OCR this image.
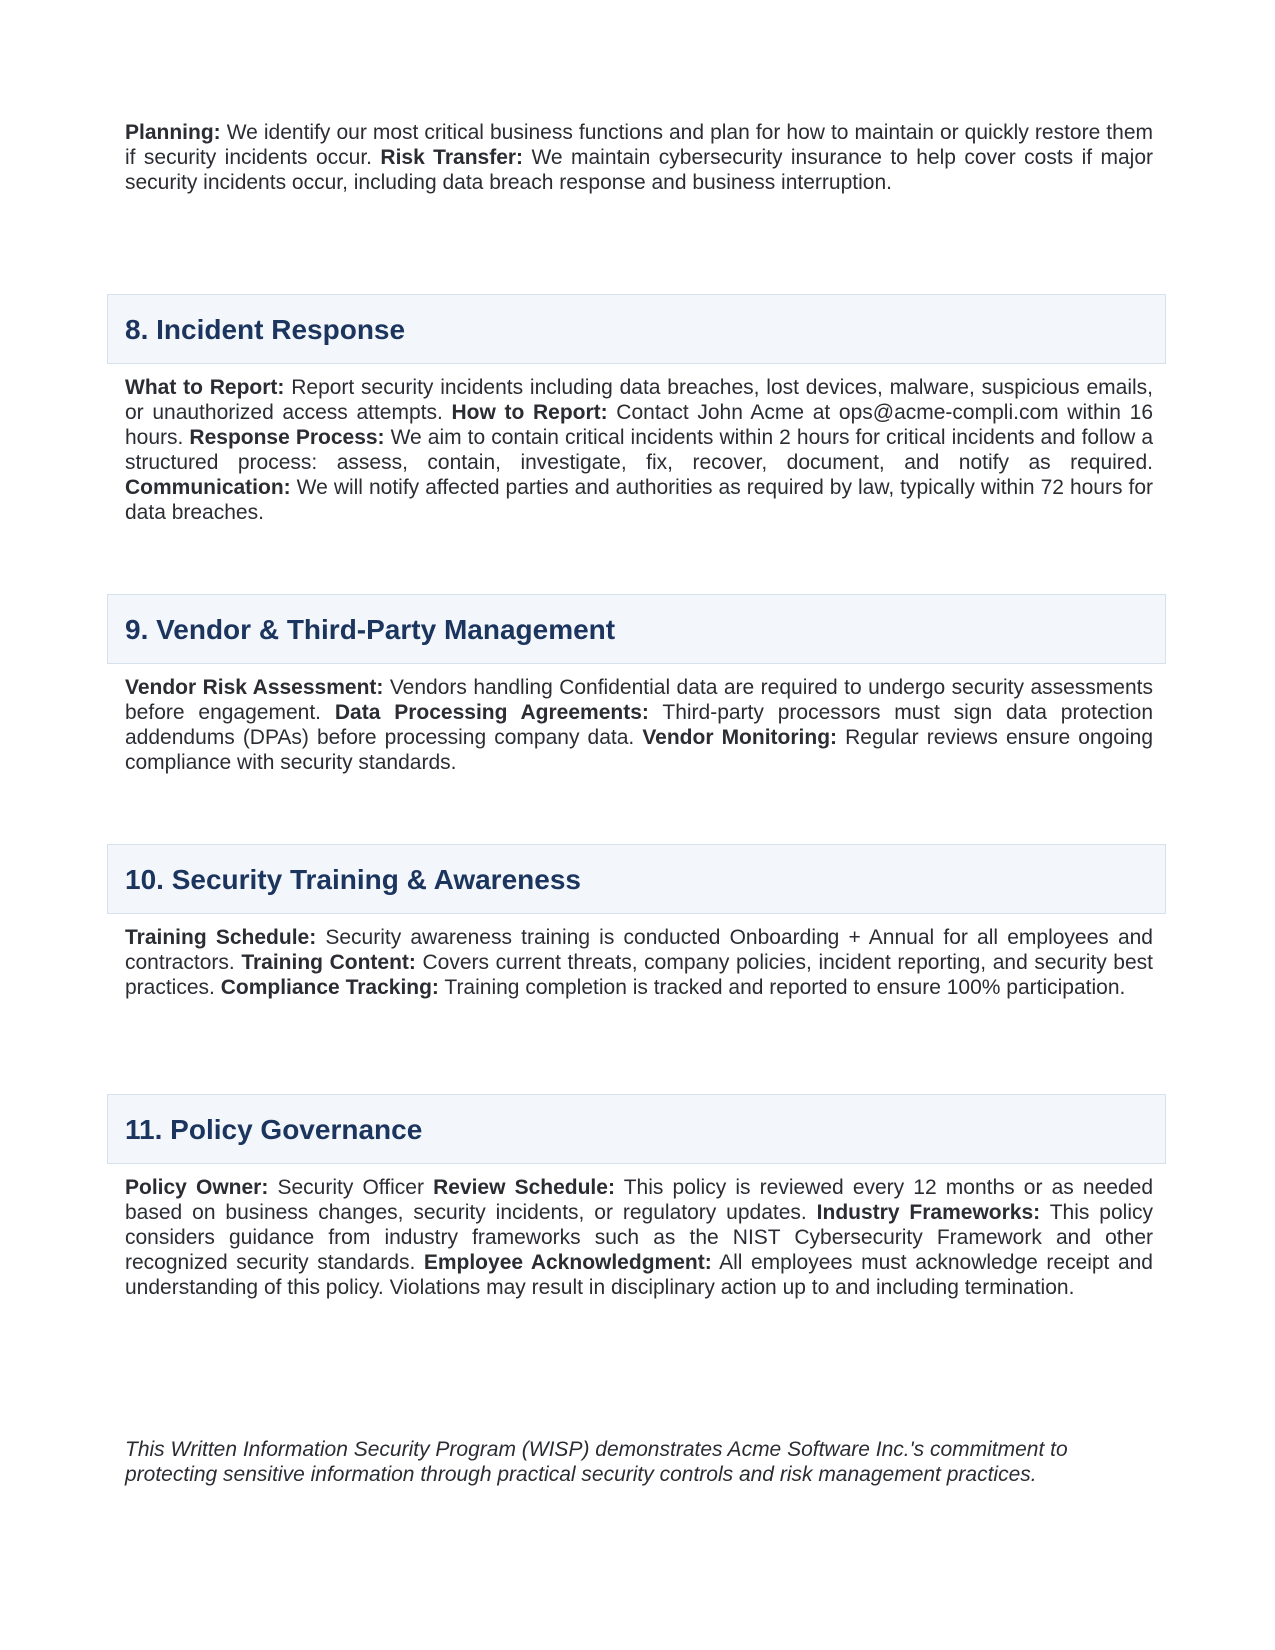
Planning: We identify our most critical business functions and plan for how to maintain or quickly restore them if security incidents occur. Risk Transfer: We maintain cybersecurity insurance to help cover costs if major security incidents occur, including data breach response and business interruption.

8. Incident Response

What to Report: Report security incidents including data breaches, lost devices, malware, suspicious emails, or unauthorized access attempts. How to Report: Contact John Acme at ops@acme-compli.com within 16 hours. Response Process: We aim to contain critical incidents within 2 hours for critical incidents and follow a structured process: assess, contain, investigate, fix, recover, document, and notify as required. Communication: We will notify affected parties and authorities as required by law, typically within 72 hours for data breaches.

9. Vendor & Third-Party Management

Vendor Risk Assessment: Vendors handling Confidential data are required to undergo security assessments before engagement. Data Processing Agreements: Third-party processors must sign data protection addendums (DPAs) before processing company data. Vendor Monitoring: Regular reviews ensure ongoing compliance with security standards.

10. Security Training & Awareness

Training Schedule: Security awareness training is conducted Onboarding + Annual for all employees and contractors. Training Content: Covers current threats, company policies, incident reporting, and security best practices. Compliance Tracking: Training completion is tracked and reported to ensure 100% participation.

11. Policy Governance

Policy Owner: Security Officer Review Schedule: This policy is reviewed every 12 months or as needed based on business changes, security incidents, or regulatory updates. Industry Frameworks: This policy considers guidance from industry frameworks such as the NIST Cybersecurity Framework and other recognized security standards. Employee Acknowledgment: All employees must acknowledge receipt and understanding of this policy. Violations may result in disciplinary action up to and including termination.

This Written Information Security Program (WISP) demonstrates Acme Software Inc.'s commitment to protecting sensitive information through practical security controls and risk management practices.
